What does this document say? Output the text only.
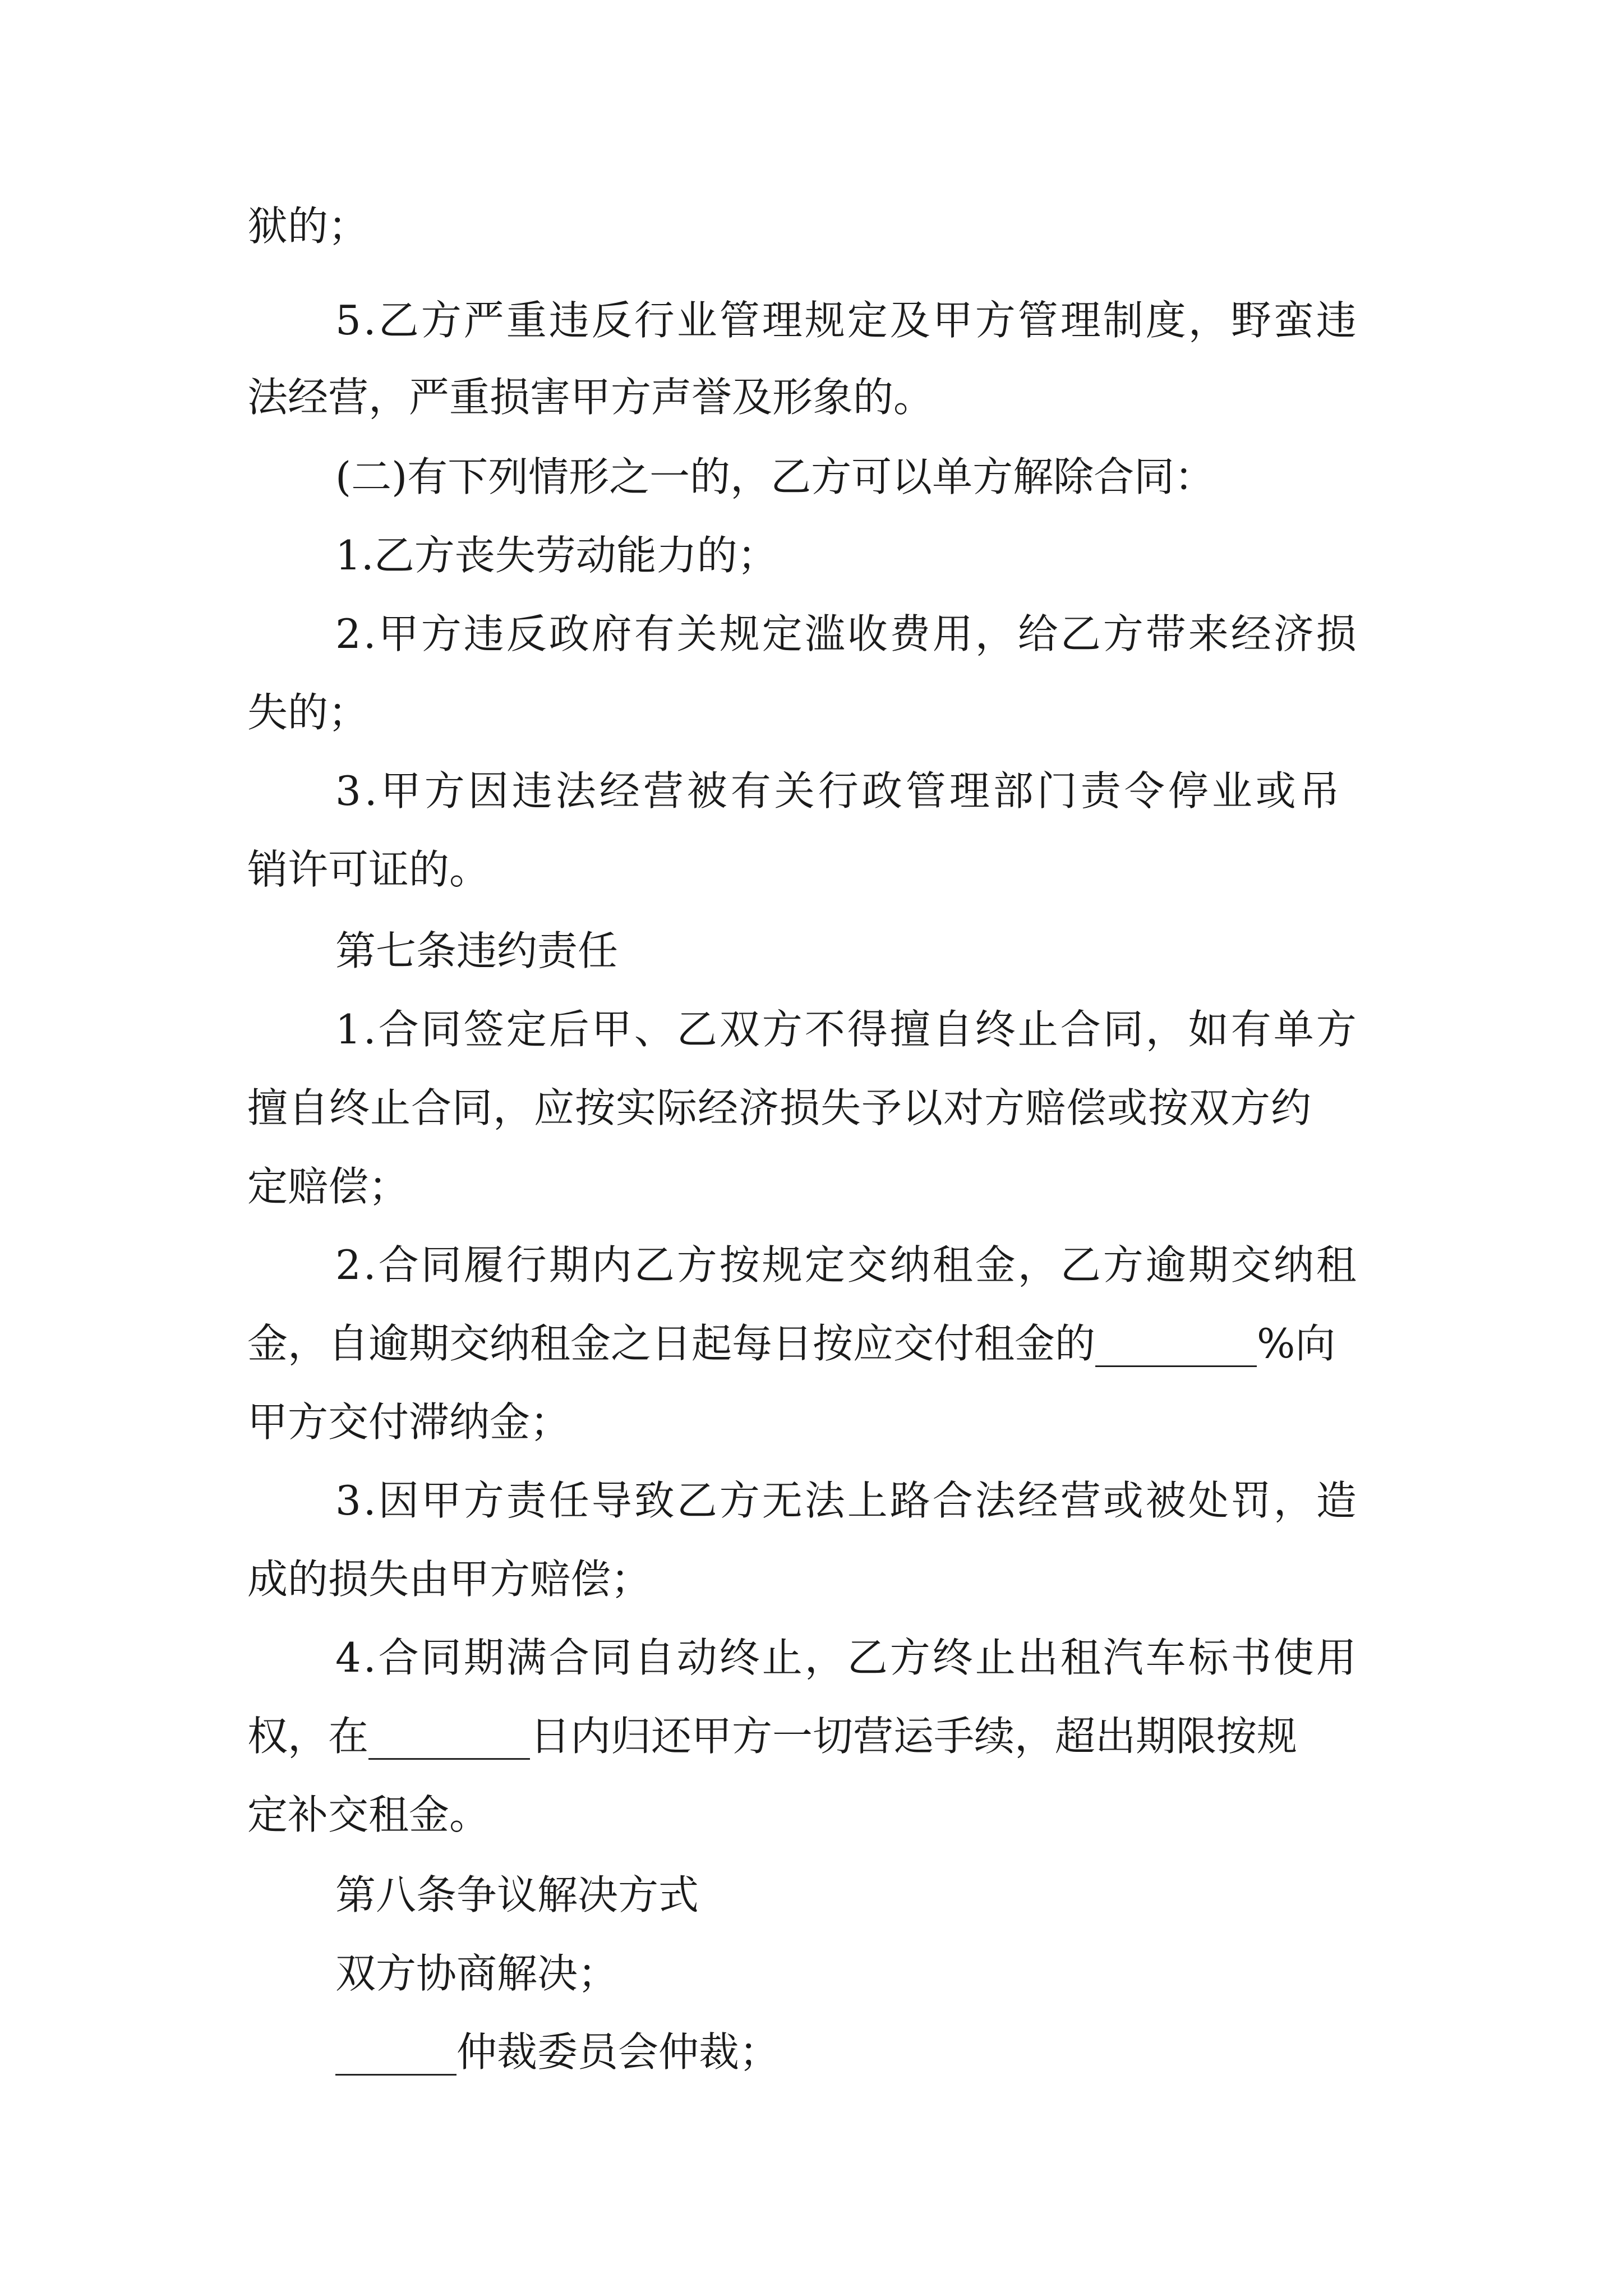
狱的；

5.乙方严重违反行业管理规定及甲方管理制度，野蛮违

法经营，严重损害甲方声誉及形象的。

(二)有下列情形之一的，乙方可以单方解除合同：

1.乙方丧失劳动能力的；

2.甲方违反政府有关规定滥收费用，给乙方带来经济损

失的；

3.甲方因违法经营被有关行政管理部门责令停业或吊

销许可证的。

第七条违约责任

1.合同签定后甲、乙双方不得擅自终止合同，如有单方

擅自终止合同，应按实际经济损失予以对方赔偿或按双方约

定赔偿；

2.合同履行期内乙方按规定交纳租金，乙方逾期交纳租

金，自逾期交纳租金之日起每日按应交付租金的________%向

甲方交付滞纳金；

3.因甲方责任导致乙方无法上路合法经营或被处罚，造

成的损失由甲方赔偿；

4.合同期满合同自动终止，乙方终止出租汽车标书使用

权，在________日内归还甲方一切营运手续，超出期限按规

定补交租金。

第八条争议解决方式

双方协商解决；

______仲裁委员会仲裁；
